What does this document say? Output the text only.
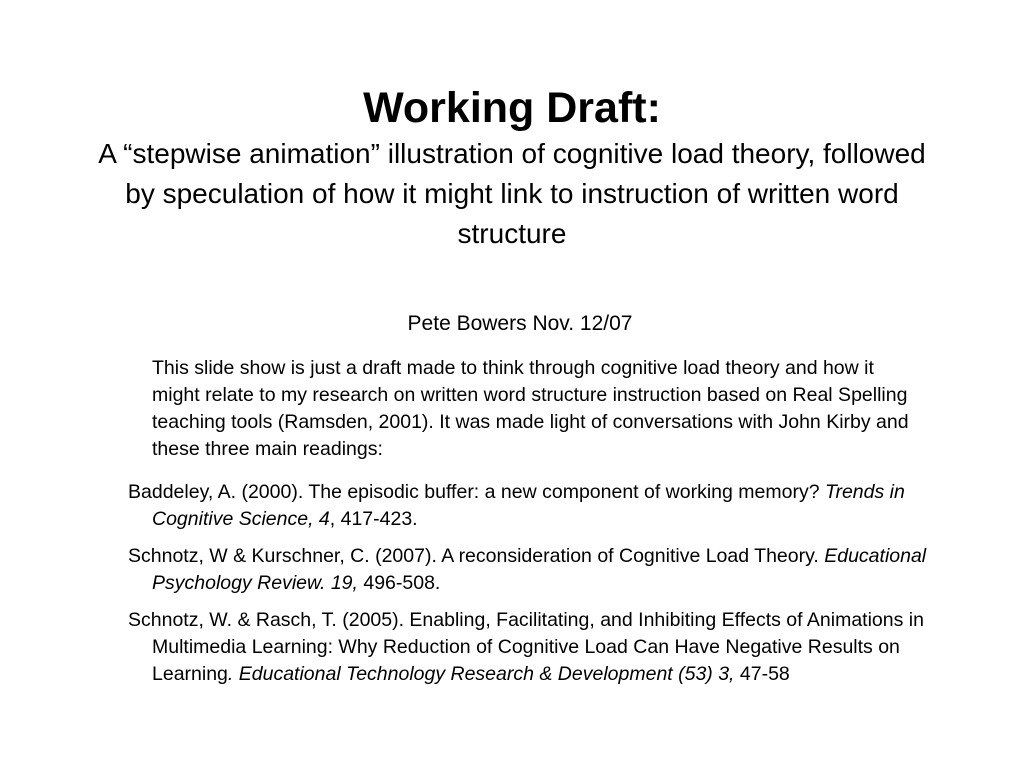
Working Draft:

A “stepwise animation” illustration of cognitive load theory, followed by speculation of how it might link to instruction of written word structure

Pete Bowers Nov. 12/07

This slide show is just a draft made to think through cognitive load theory and how it might relate to my research on written word structure instruction based on Real Spelling teaching tools (Ramsden, 2001). It was made light of conversations with John Kirby and these three main readings:

Baddeley, A. (2000). The episodic buffer: a new component of working memory? Trends in Cognitive Science, 4, 417-423.

Schnotz, W & Kurschner, C. (2007). A reconsideration of Cognitive Load Theory. Educational Psychology Review. 19, 496-508.

Schnotz, W. & Rasch, T. (2005). Enabling, Facilitating, and Inhibiting Effects of Animations in Multimedia Learning: Why Reduction of Cognitive Load Can Have Negative Results on Learning. Educational Technology Research & Development (53) 3, 47-58
